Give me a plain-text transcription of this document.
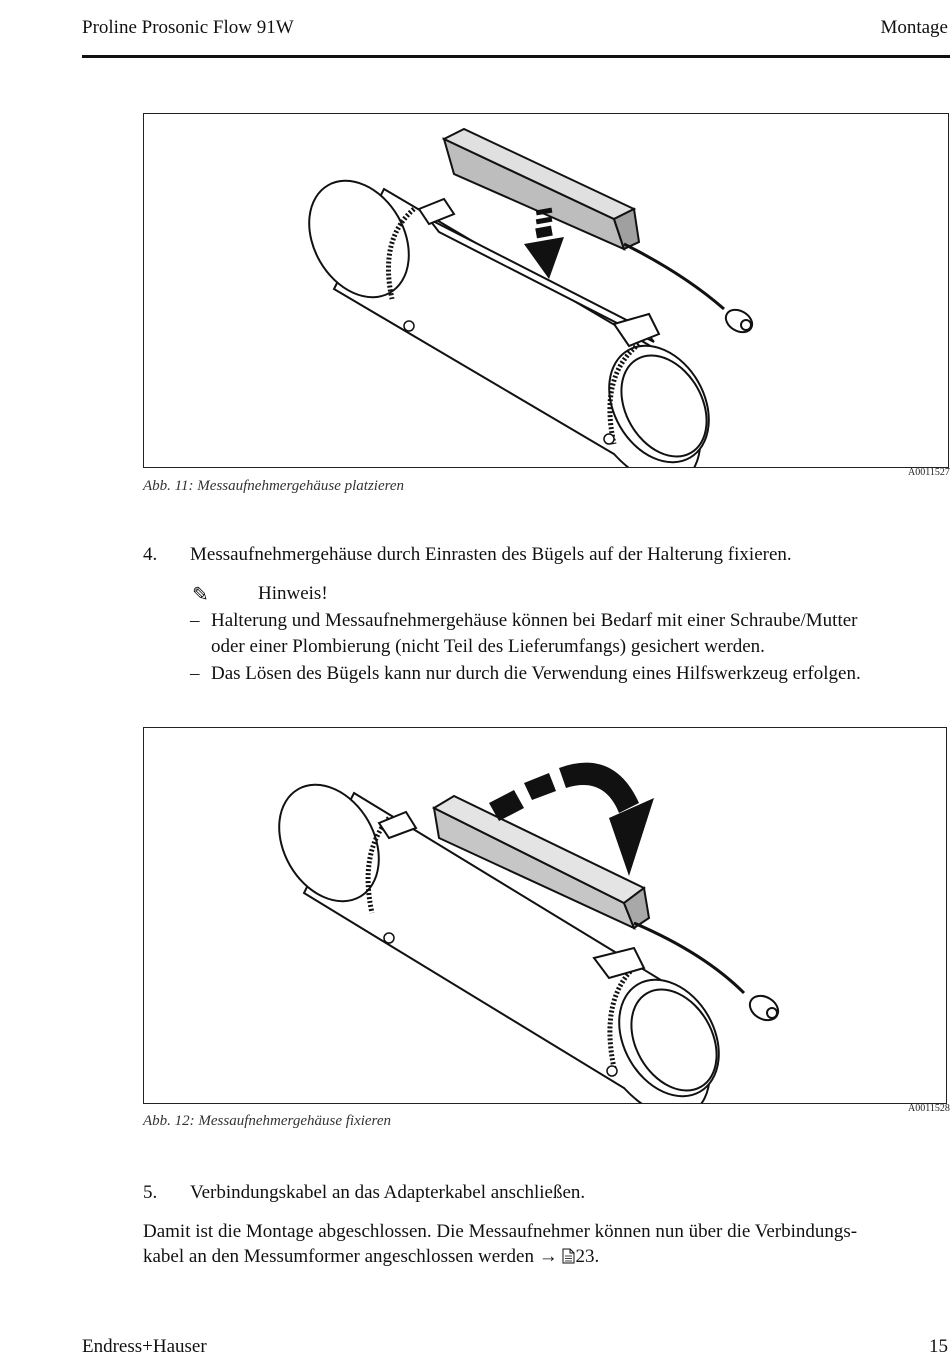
Proline Prosonic Flow 91W	Montage
A0011527
Abb. 11: Messaufnehmergehäuse platzieren
4.	Messaufnehmergehäuse durch Einrasten des Bügels auf der Halterung fixieren.
✎	Hinweis!
– Halterung und Messaufnehmergehäuse können bei Bedarf mit einer Schraube/Mutter
oder einer Plombierung (nicht Teil des Lieferumfangs) gesichert werden.
– Das Lösen des Bügels kann nur durch die Verwendung eines Hilfswerkzeug erfolgen.
A0011528
Abb. 12: Messaufnehmergehäuse fixieren
5.	Verbindungskabel an das Adapterkabel anschließen.
Damit ist die Montage abgeschlossen. Die Messaufnehmer können nun über die Verbindungs-
kabel an den Messumformer angeschlossen werden → 23.
Endress+Hauser	15
